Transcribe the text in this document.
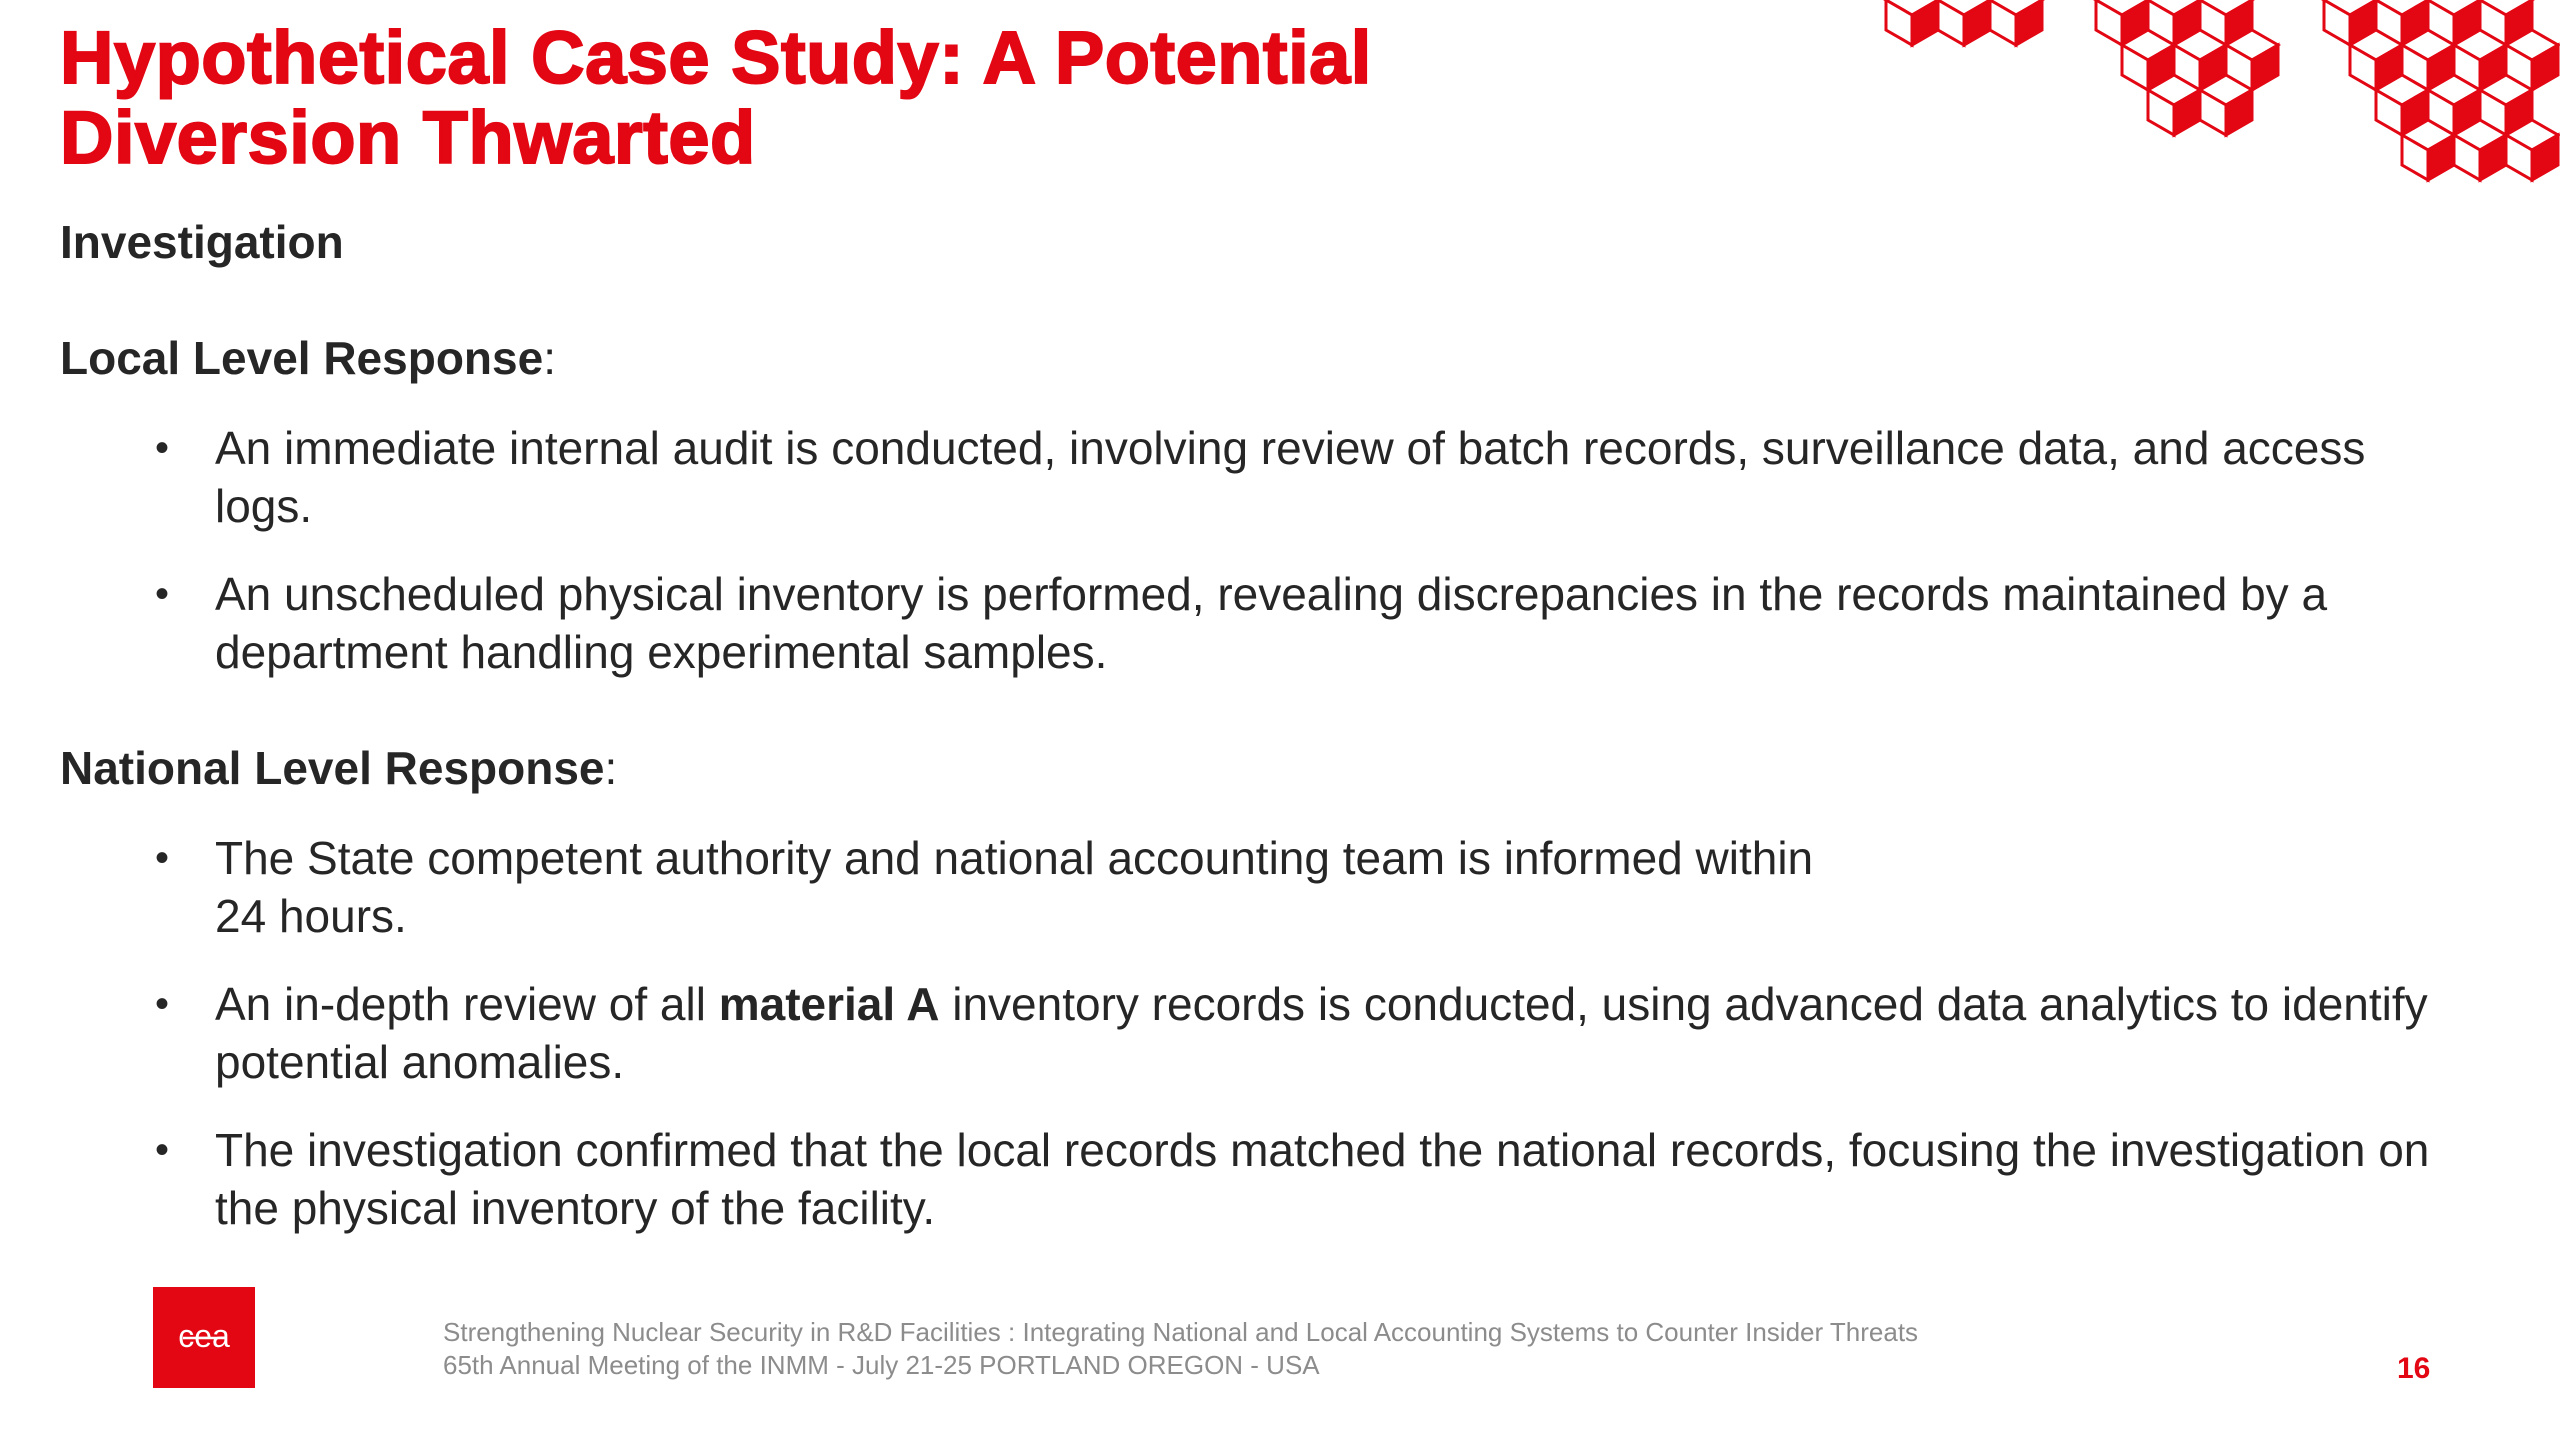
Hypothetical Case Study: A Potential
Diversion Thwarted
Investigation
Local Level Response:
• An immediate internal audit is conducted, involving review of batch records, surveillance data, and access logs.
• An unscheduled physical inventory is performed, revealing discrepancies in the records maintained by a department handling experimental samples.
National Level Response:
• The State competent authority and national accounting team is informed within
24 hours.
• An in-depth review of all material A inventory records is conducted, using advanced data analytics to identify potential anomalies.
• The investigation confirmed that the local records matched the national records, focusing the investigation on the physical inventory of the facility.
cea	Strengthening Nuclear Security in R&D Facilities : Integrating National and Local Accounting Systems to Counter Insider Threats
65th Annual Meeting of the INMM - July 21-25 PORTLAND OREGON - USA	16
